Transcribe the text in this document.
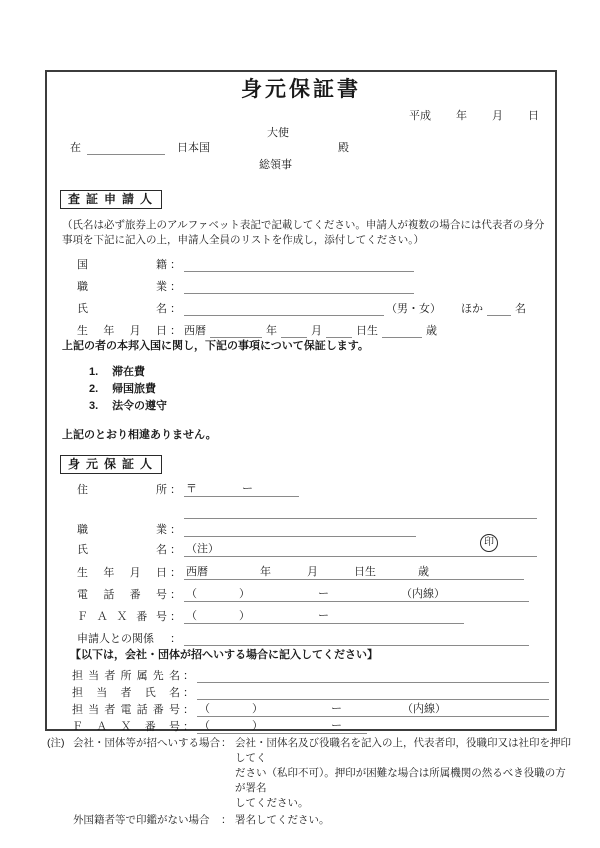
身元保証書
平成 年 月 日
大使
在	日本国	殿
総領事
査証申請人
（氏名は必ず旅券上のアルファベット表記で記載してください。申請人が複数の場合には代表者の身分事項を下記に記入の上，申請人全員のリストを作成し，添付してください。）
国	籍 ：
職	業 ：
氏	名 ：	（男・女） ほか	名
生 年 月 日 ： 西暦	年	月	日生	歳
上記の者の本邦入国に関し，下記の事項について保証します。
1. 滞在費
2. 帰国旅費
3. 法令の遵守
上記のとおり相違ありません。
身元保証人
住	所 ： 〒	ー
職	業 ：
氏	名 ： （注）
印
生 年 月 日 ： 西暦	年	月	日生	歳
電 話 番 号 ： （	）	ー	（内線）
Ｆ Ａ Ｘ 番 号 ： （	）	ー
申請人との関係	：
【以下は，会社・団体が招へいする場合に記入してください】
担 当 者 所 属 先 名 ：
担 当 者 氏 名 ：
担 当 者 電 話 番 号 ： （	）	ー	（内線）
Ｆ Ａ Ｘ 番 号 ： （	）	ー
(注) 会社・団体等が招へいする場合 ： 会社・団体名及び役職名を記入の上，代表者印，役職印又は社印を押印してく
ださい（私印不可）。押印が困難な場合は所属機関の然るべき役職の方が署名
してください。
外国籍者等で印鑑がない場合	： 署名してください。
